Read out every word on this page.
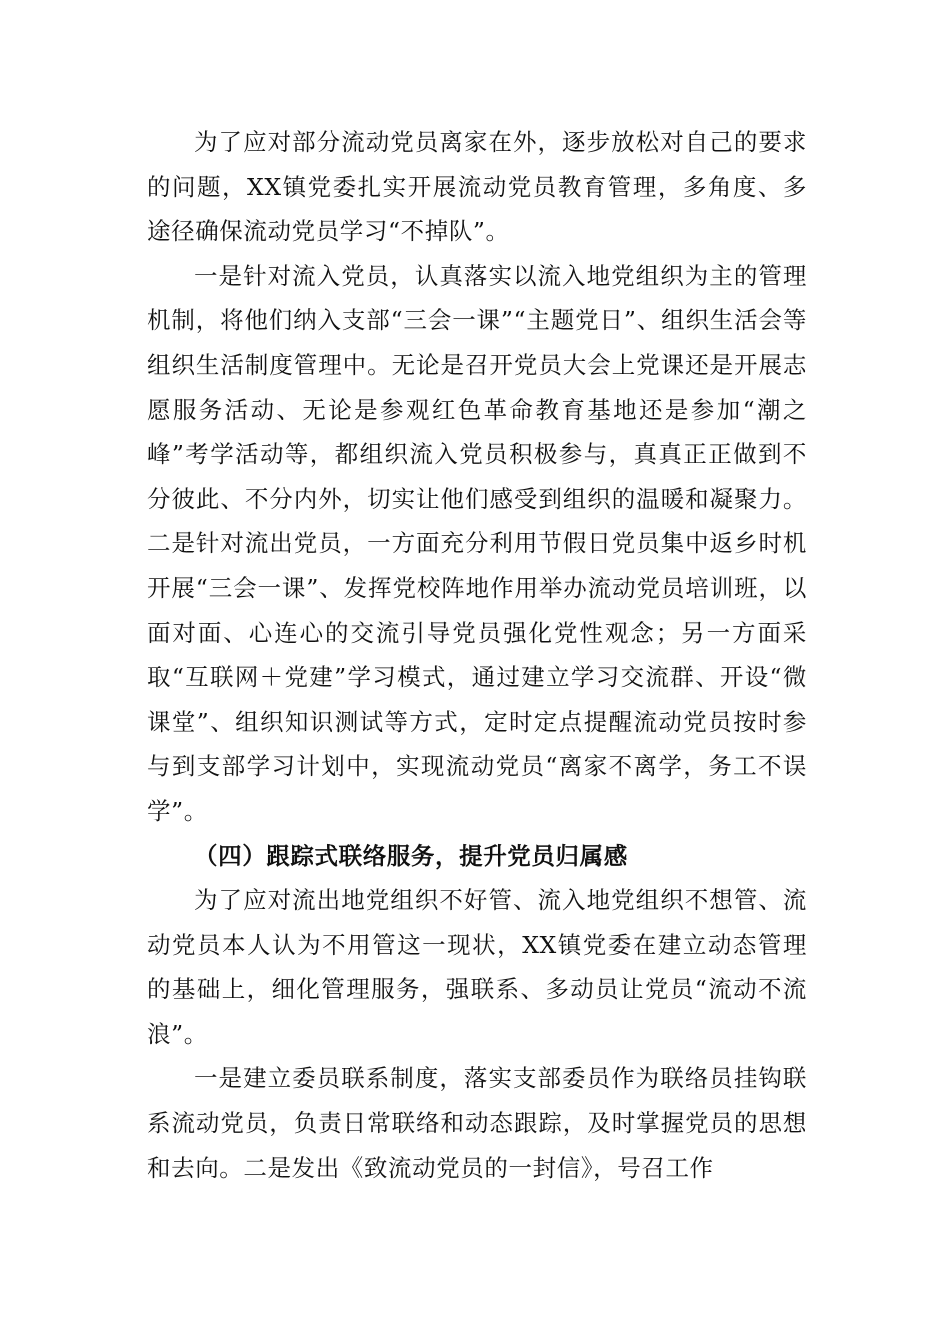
为了应对部分流动党员离家在外，逐步放松对自己的要求的问题，XX镇党委扎实开展流动党员教育管理，多角度、多途径确保流动党员学习“不掉队”。

一是针对流入党员，认真落实以流入地党组织为主的管理机制，将他们纳入支部“三会一课”“主题党日”、组织生活会等组织生活制度管理中。无论是召开党员大会上党课还是开展志愿服务活动、无论是参观红色革命教育基地还是参加“潮之峰”考学活动等，都组织流入党员积极参与，真真正正做到不分彼此、不分内外，切实让他们感受到组织的温暖和凝聚力。二是针对流出党员，一方面充分利用节假日党员集中返乡时机开展“三会一课”、发挥党校阵地作用举办流动党员培训班，以面对面、心连心的交流引导党员强化党性观念；另一方面采取“互联网＋党建”学习模式，通过建立学习交流群、开设“微课堂”、组织知识测试等方式，定时定点提醒流动党员按时参与到支部学习计划中，实现流动党员“离家不离学，务工不误学”。

（四）跟踪式联络服务，提升党员归属感

为了应对流出地党组织不好管、流入地党组织不想管、流动党员本人认为不用管这一现状，XX镇党委在建立动态管理的基础上，细化管理服务，强联系、多动员让党员“流动不流浪”。

一是建立委员联系制度，落实支部委员作为联络员挂钩联系流动党员，负责日常联络和动态跟踪，及时掌握党员的思想和去向。二是发出《致流动党员的一封信》，号召工作
